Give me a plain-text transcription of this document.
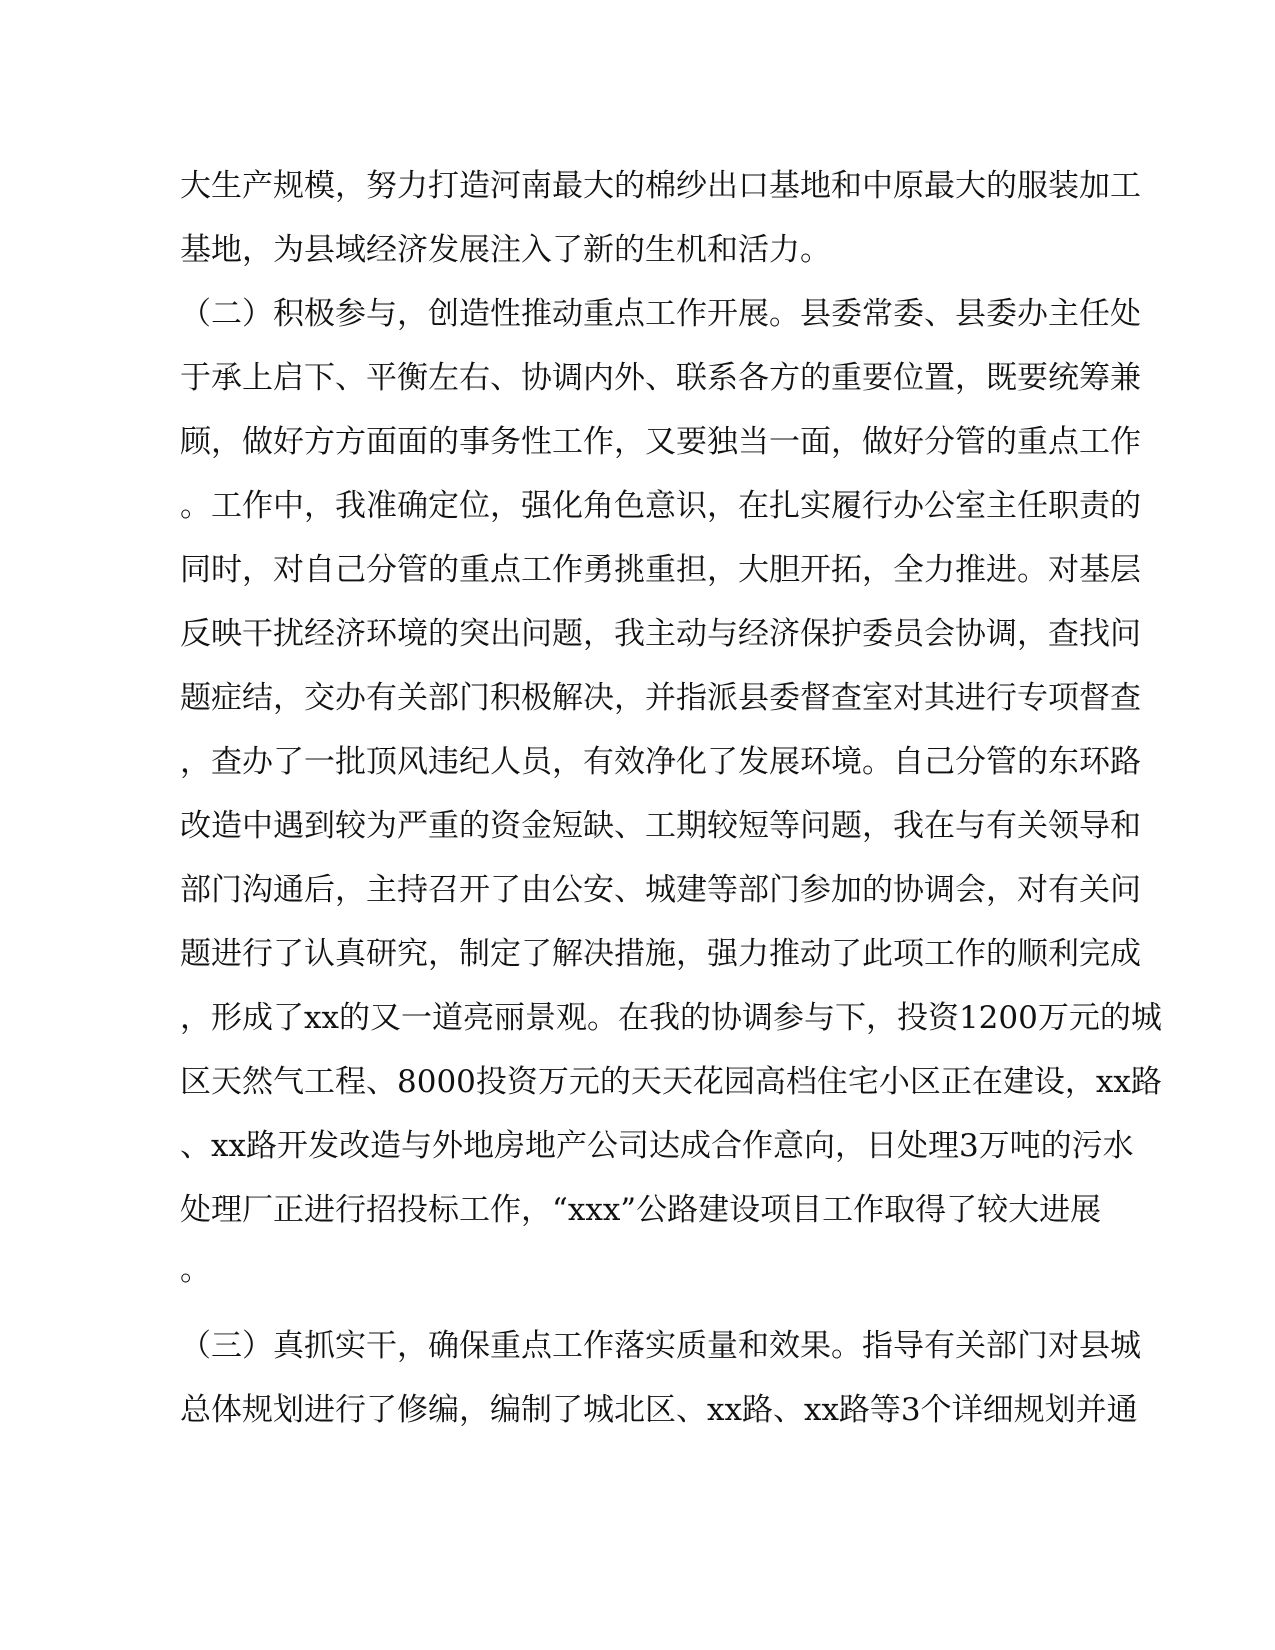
大生产规模，努力打造河南最大的棉纱出口基地和中原最大的服装加工
基地，为县域经济发展注入了新的生机和活力。
（二）积极参与，创造性推动重点工作开展。县委常委、县委办主任处
于承上启下、平衡左右、协调内外、联系各方的重要位置，既要统筹兼
顾，做好方方面面的事务性工作，又要独当一面，做好分管的重点工作
。工作中，我准确定位，强化角色意识，在扎实履行办公室主任职责的
同时，对自己分管的重点工作勇挑重担，大胆开拓，全力推进。对基层
反映干扰经济环境的突出问题，我主动与经济保护委员会协调，查找问
题症结，交办有关部门积极解决，并指派县委督查室对其进行专项督查
，查办了一批顶风违纪人员，有效净化了发展环境。自己分管的东环路
改造中遇到较为严重的资金短缺、工期较短等问题，我在与有关领导和
部门沟通后，主持召开了由公安、城建等部门参加的协调会，对有关问
题进行了认真研究，制定了解决措施，强力推动了此项工作的顺利完成
，形成了xx的又一道亮丽景观。在我的协调参与下，投资1200万元的城
区天然气工程、8000投资万元的天天花园高档住宅小区正在建设，xx路
、xx路开发改造与外地房地产公司达成合作意向，日处理3万吨的污水
处理厂正进行招投标工作，“xxx”公路建设项目工作取得了较大进展
。
（三）真抓实干，确保重点工作落实质量和效果。指导有关部门对县城
总体规划进行了修编，编制了城北区、xx路、xx路等3个详细规划并通
